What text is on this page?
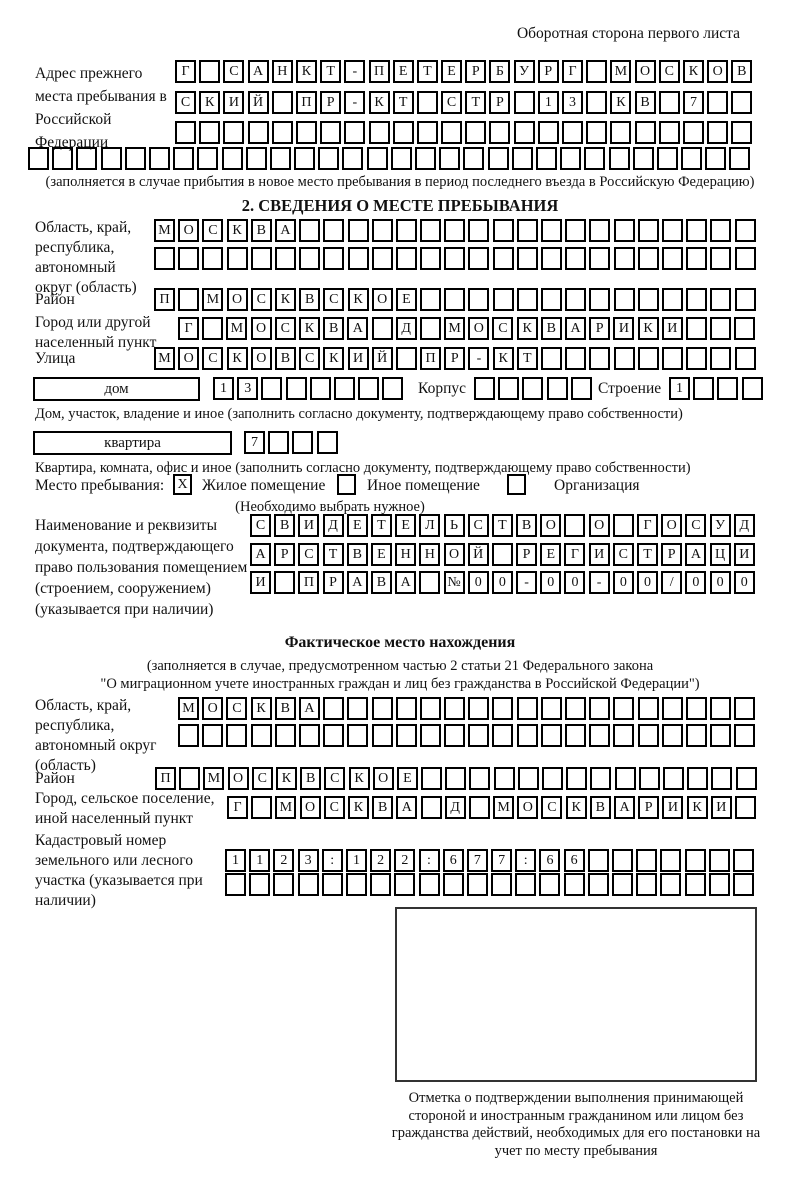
Оборотная сторона первого листа
Адрес прежнего места пребывания в Российской Федерации
Г	С	А	Н	К	Т	-	П	Е	Т	Е	Р	Б	У	Р	Г	М О	С	К	О	В
С	К	И	Й	П	Р	-	К	Т	С	Т	Р	1	3	К	В	7
(заполняется в случае прибытия в новое место пребывания в период последнего въезда в Российскую Федерацию)
2. СВЕДЕНИЯ О МЕСТЕ ПРЕБЫВАНИЯ
Область, край, республика, автономный округ (область)
М О	С	К	В	А
Район	П	М О	С	К	В	С	К	О	Е
Город или другой населенный пункт
Г	М О	С	К	В	А	Д	М О	С	К	В	А	Р	И	К	И
Улица	М О	С	К	О	В	С	К	И	Й	П	Р	-	К	Т
дом	1	3	Корпус	Строение	1
Дом, участок, владение и иное (заполнить согласно документу, подтверждающему право собственности)
квартира	7
Квартира, комната, офис и иное (заполнить согласно документу, подтверждающему право собственности)
Место пребывания: X Жилое помещение	Иное помещение	Организация
(Необходимо выбрать нужное)
Наименование и реквизиты документа, подтверждающего право пользования помещением (строением, сооружением) (указывается при наличии)
С	В	И	Д	Е	Т	Е	Л	Ь	С	Т	В	О	О	Г	О	С	У	Д
А	Р	С	Т	В	Е	Н	Н	О	Й	Р	Е	Г	И	С	Т	Р	А	Ц	И
И	П	Р	А	В	А	№	0	0	-	0	0	-	0	0	/	0	0	0
Фактическое место нахождения
(заполняется в случае, предусмотренном частью 2 статьи 21 Федерального закона
"О миграционном учете иностранных граждан и лиц без гражданства в Российской Федерации")
Область, край, республика, автономный округ (область)
М О	С	К	В	А
Район	П	М О	С	К	В	С	К	О	Е
Город, сельское поселение, иной населенный пункт
Г	М О	С	К	В	А	Д	М О	С	К	В	А	Р	И	К	И
Кадастровый номер земельного или лесного участка (указывается при наличии)
1	1	2	3	:	1	2	2	:	6	7	7	:	6	6
Отметка о подтверждении выполнения принимающей стороной и иностранным гражданином или лицом без гражданства действий, необходимых для его постановки на учет по месту пребывания
